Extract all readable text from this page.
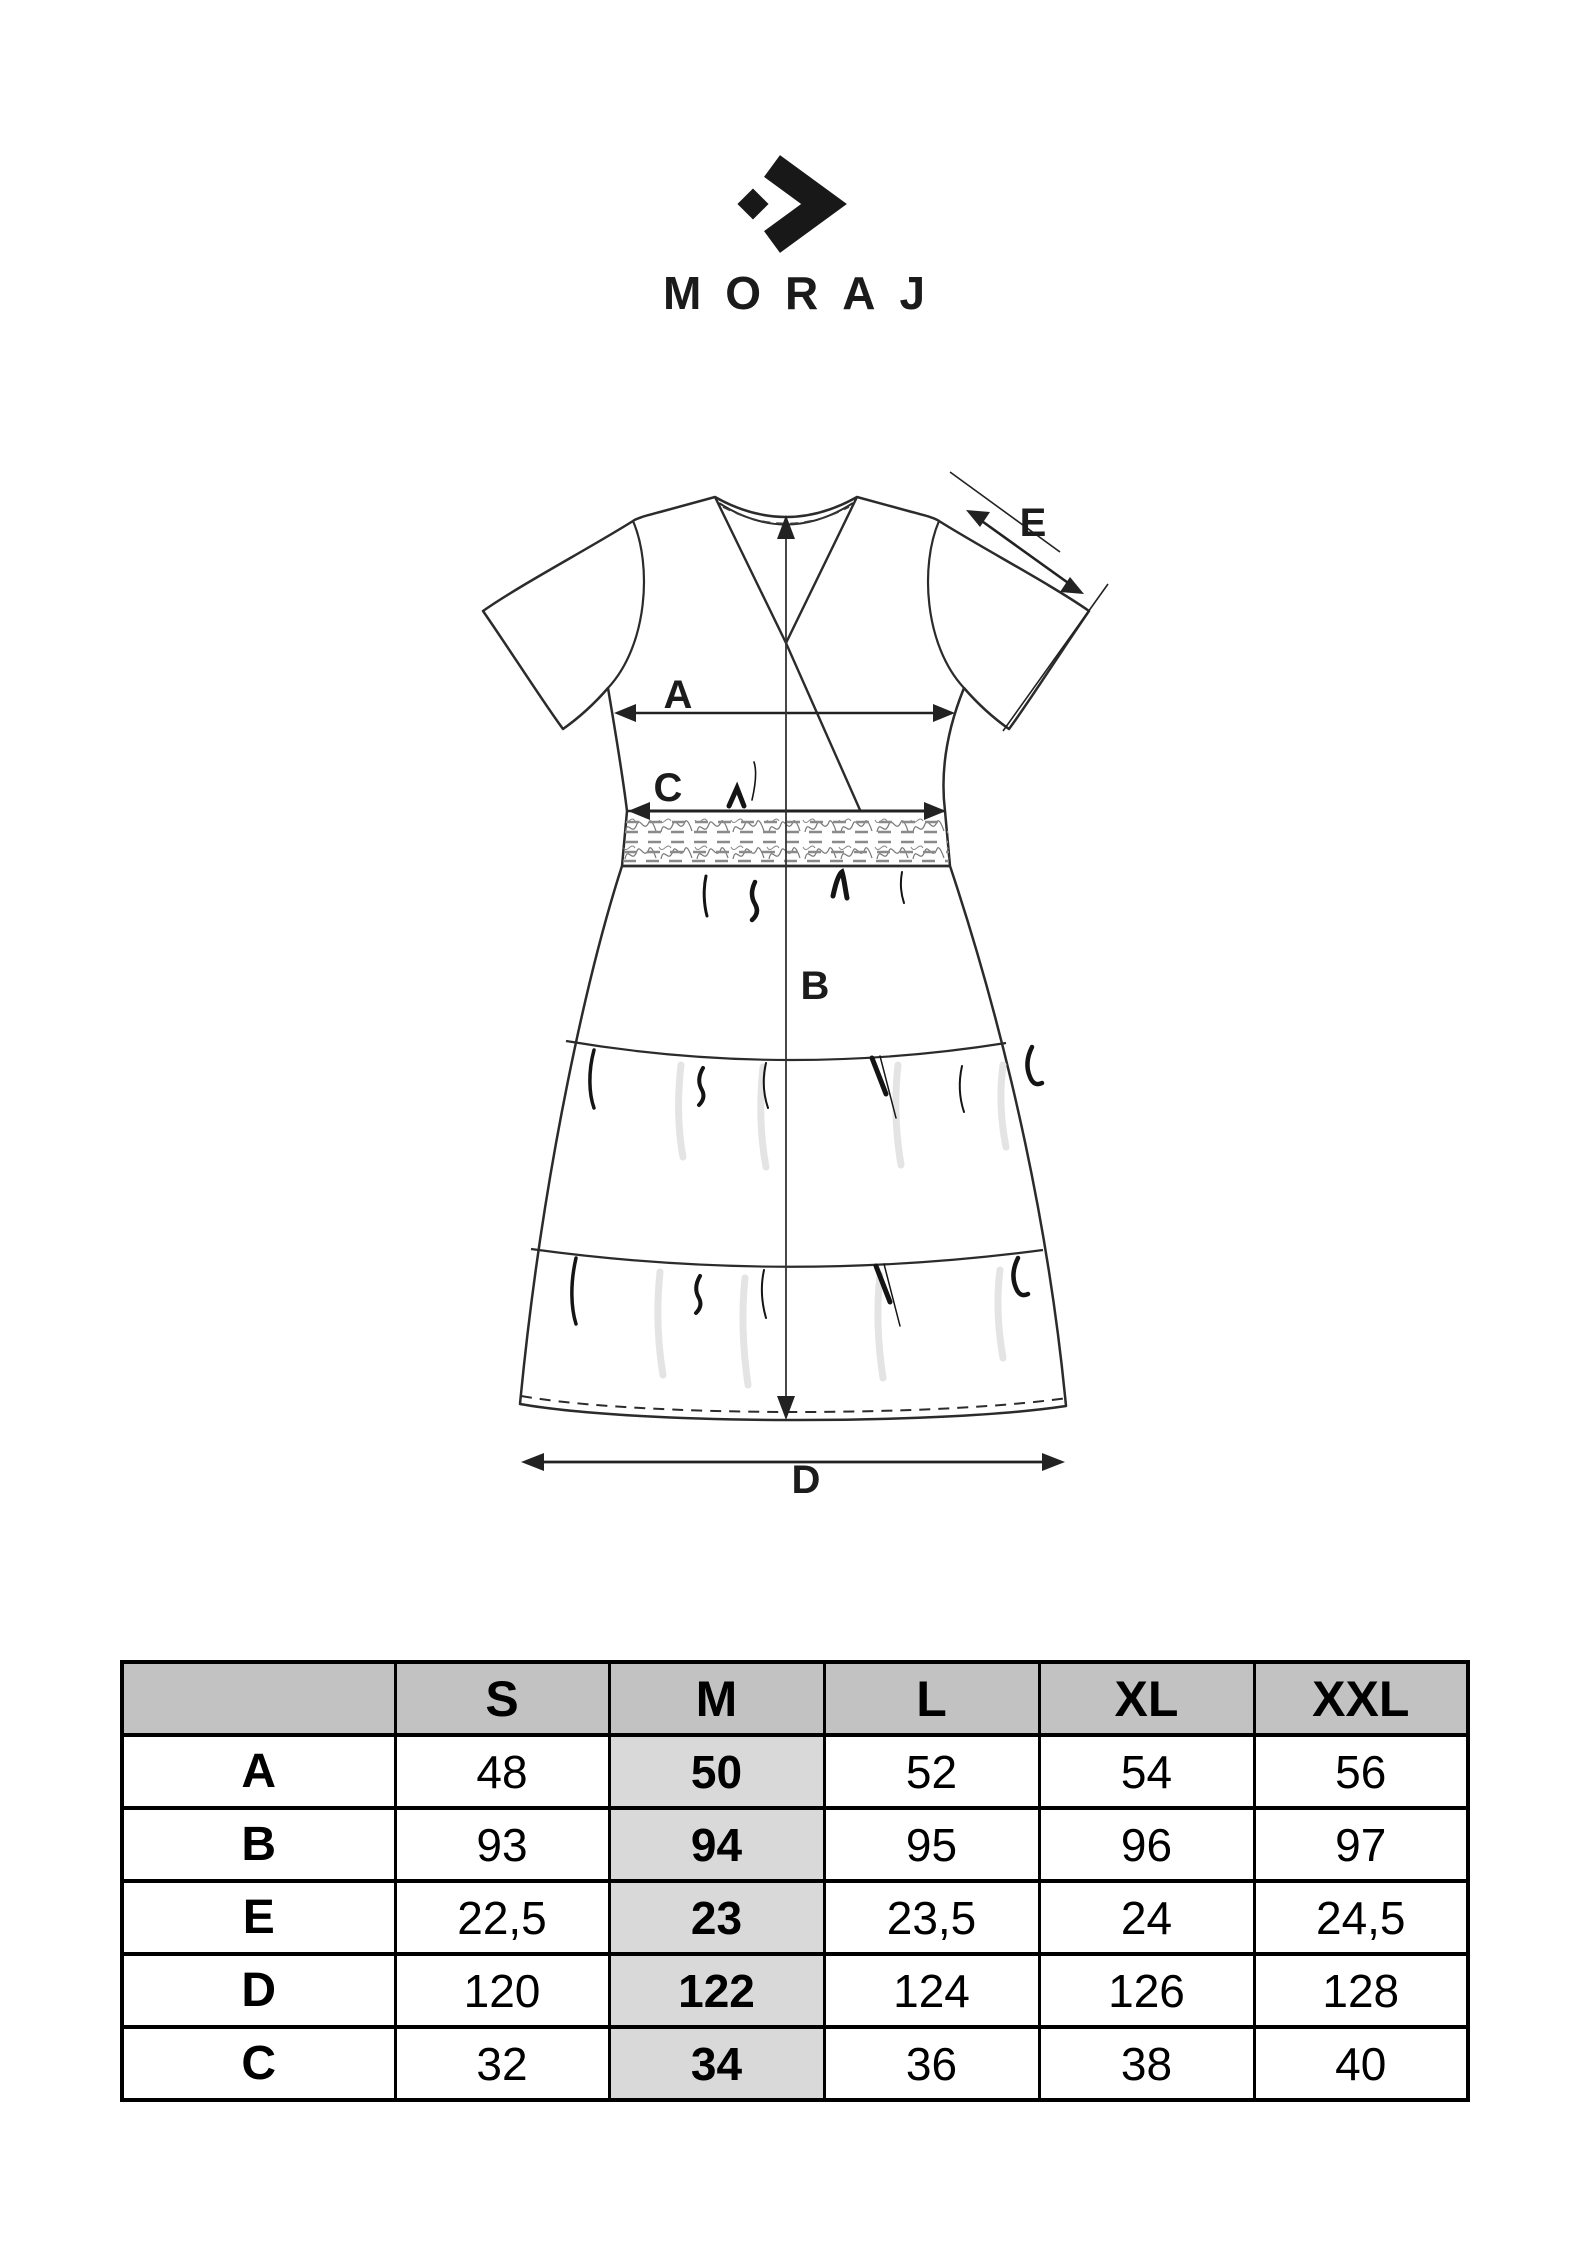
MORAJ
A
B
C
D
E
	S	M	L	XL	XXL
A	48	50	52	54	56
B	93	94	95	96	97
E	22,5	23	23,5	24	24,5
D	120	122	124	126	128
C	32	34	36	38	40
